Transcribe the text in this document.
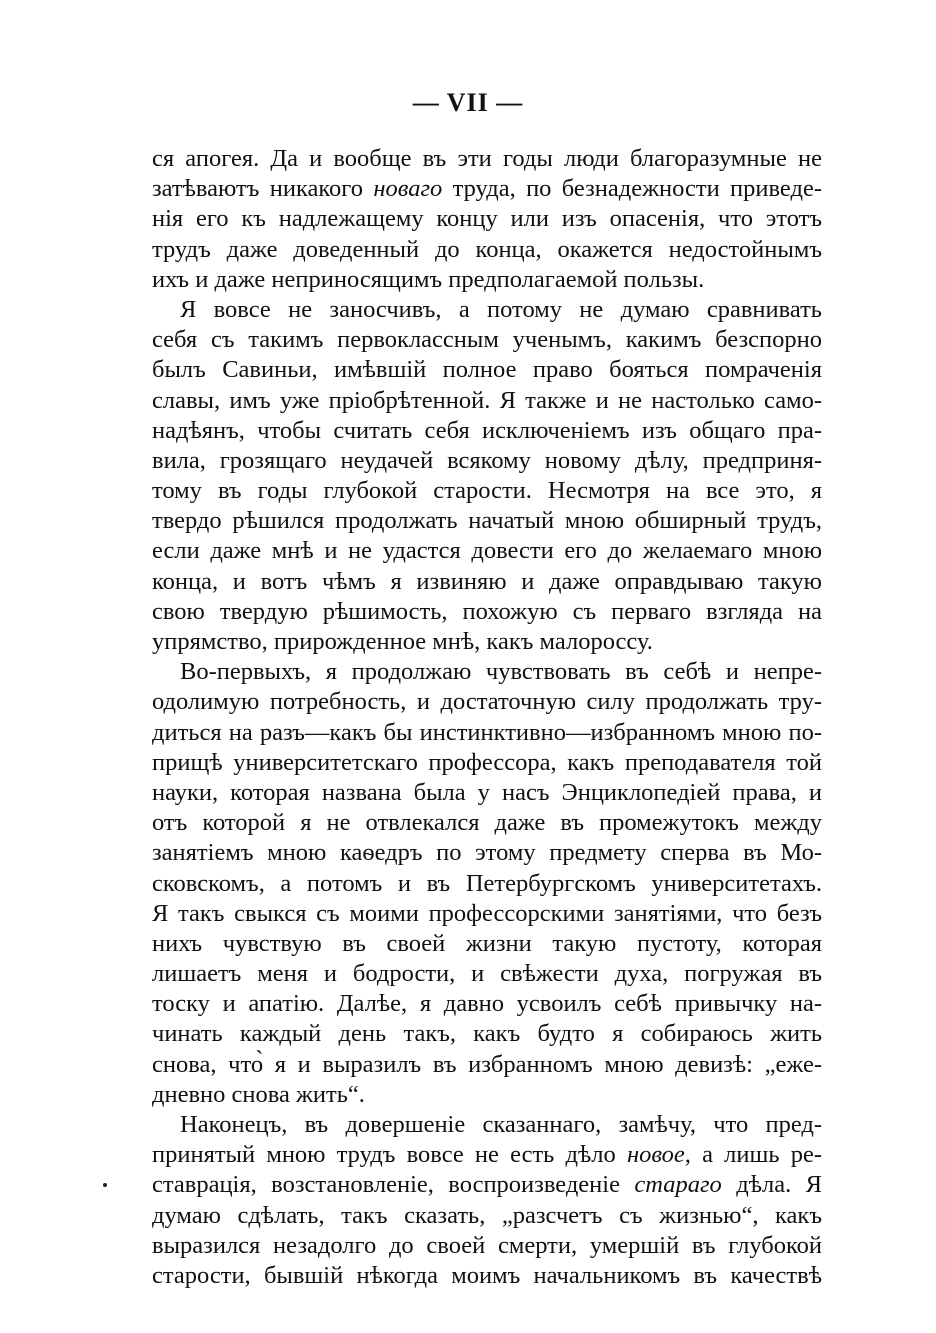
— VII —
ся апогея. Да и вообще въ эти годы люди благоразумные не
затѣваютъ никакого новаго труда, по безнадежности приведе-
нія его къ надлежащему концу или изъ опасенія, что этотъ
трудъ даже доведенный до конца, окажется недостойнымъ
ихъ и даже неприносящимъ предполагаемой пользы.
Я вовсе не заносчивъ, а потому не думаю сравнивать
себя съ такимъ первоклассным ученымъ, какимъ безспорно
былъ Савиньи, имѣвшій полное право бояться помраченія
славы, имъ уже пріобрѣтенной. Я также и не настолько само-
надѣянъ, чтобы считать себя исключеніемъ изъ общаго пра-
вила, грозящаго неудачей всякому новому дѣлу, предприня-
тому въ годы глубокой старости. Несмотря на все это, я
твердо рѣшился продолжать начатый мною обширный трудъ,
если даже мнѣ и не удастся довести его до желаемаго мною
конца, и вотъ чѣмъ я извиняю и даже оправдываю такую
свою твердую рѣшимость, похожую съ перваго взгляда на
упрямство, прирожденное мнѣ, какъ малороссу.
Во-первыхъ, я продолжаю чувствовать въ себѣ и непре-
одолимую потребность, и достаточную силу продолжать тру-
диться на разъ—какъ бы инстинктивно—избранномъ мною по-
прищѣ университетскаго профессора, какъ преподавателя той
науки, которая названа была у насъ Энциклопедіей права, и
отъ которой я не отвлекался даже въ промежутокъ между
занятіемъ мною каѳедръ по этому предмету сперва въ Мо-
сковскомъ, а потомъ и въ Петербургскомъ университетахъ.
Я такъ свыкся съ моими профессорскими занятіями, что безъ
нихъ чувствую въ своей жизни такую пустоту, которая
лишаетъ меня и бодрости, и свѣжести духа, погружая въ
тоску и апатію. Далѣе, я давно усвоилъ себѣ привычку на-
чинать каждый день такъ, какъ будто я собираюсь жить
снова, что̀ я и выразилъ въ избранномъ мною девизѣ: „еже-
дневно снова жить“.
Наконецъ, въ довершеніе сказаннаго, замѣчу, что пред-
принятый мною трудъ вовсе не есть дѣло новое, а лишь ре-
ставрація, возстановленіе, воспроизведеніе стараго дѣла. Я
думаю сдѣлать, такъ сказать, „разсчетъ съ жизнью“, какъ
выразился незадолго до своей смерти, умершій въ глубокой
старости, бывшій нѣкогда моимъ начальникомъ въ качествѣ
